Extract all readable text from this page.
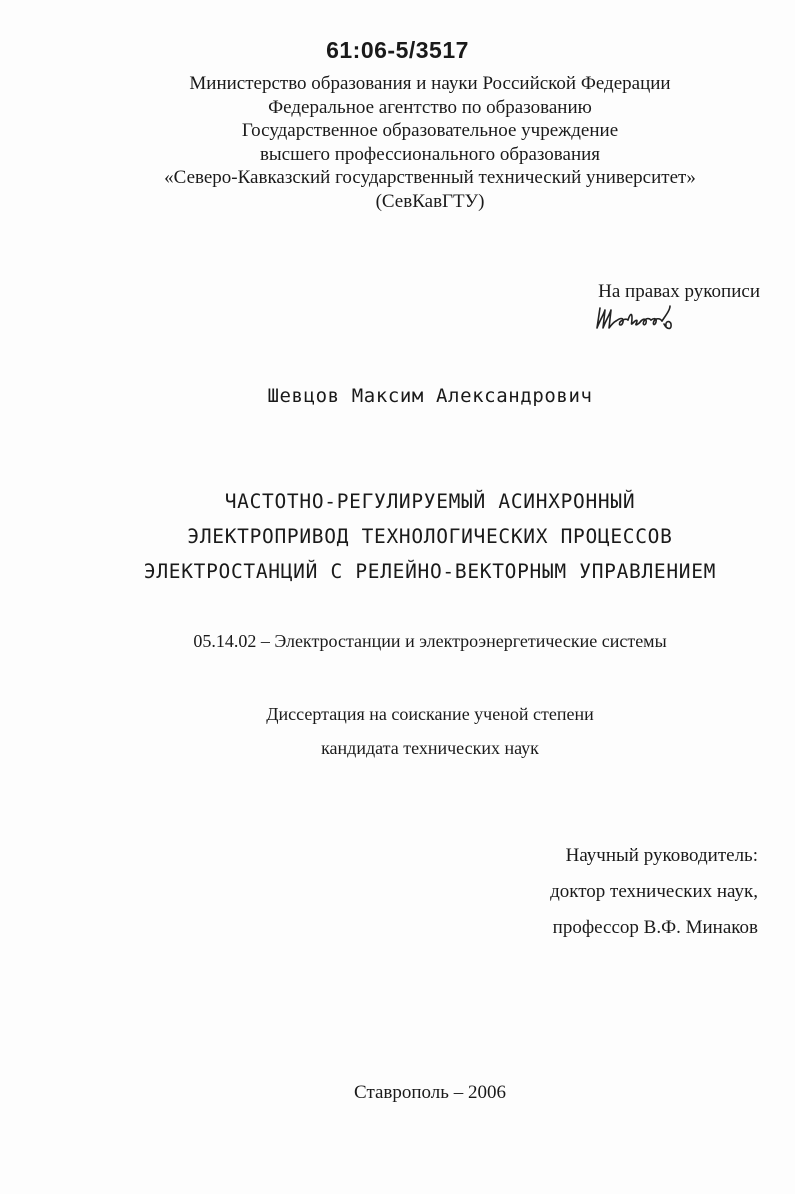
61:06-5/3517
Министерство образования и науки Российской Федерации
Федеральное агентство по образованию
Государственное образовательное учреждение
высшего профессионального образования
«Северо-Кавказский государственный технический университет»
(СевКавГТУ)
На правах рукописи
Шевцов Максим Александрович
ЧАСТОТНО-РЕГУЛИРУЕМЫЙ АСИНХРОННЫЙ
ЭЛЕКТРОПРИВОД ТЕХНОЛОГИЧЕСКИХ ПРОЦЕССОВ
ЭЛЕКТРОСТАНЦИЙ С РЕЛЕЙНО-ВЕКТОРНЫМ УПРАВЛЕНИЕМ
05.14.02 – Электростанции и электроэнергетические системы
Диссертация на соискание ученой степени
кандидата технических наук
Научный руководитель:
доктор технических наук,
профессор В.Ф. Минаков
Ставрополь – 2006
